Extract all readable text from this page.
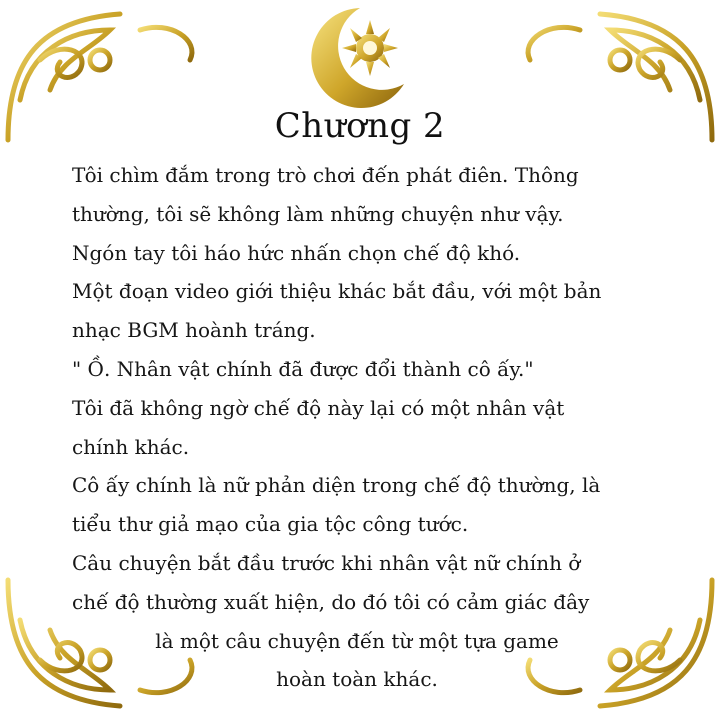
Chương 2
Tôi chìm đắm trong trò chơi đến phát điên. Thông
thường, tôi sẽ không làm những chuyện như vậy.
Ngón tay tôi háo hức nhấn chọn chế độ khó.
Một đoạn video giới thiệu khác bắt đầu, với một bản
nhạc BGM hoành tráng.
" Ồ. Nhân vật chính đã được đổi thành cô ấy."
Tôi đã không ngờ chế độ này lại có một nhân vật
chính khác.
Cô ấy chính là nữ phản diện trong chế độ thường, là
tiểu thư giả mạo của gia tộc công tước.
Câu chuyện bắt đầu trước khi nhân vật nữ chính ở
chế độ thường xuất hiện, do đó tôi có cảm giác đây
là một câu chuyện đến từ một tựa game
hoàn toàn khác.
